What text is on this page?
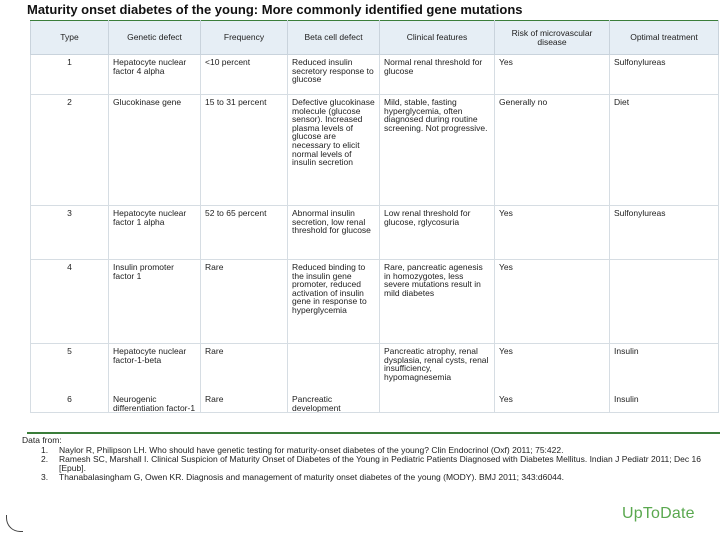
Maturity onset diabetes of the young: More commonly identified gene mutations
Type	Genetic defect	Frequency	Beta cell defect	Clinical features	Risk of microvascular disease	Optimal treatment
1	Hepatocyte nuclear factor 4 alpha	<10 percent	Reduced insulin secretory response to glucose	Normal renal threshold for glucose	Yes	Sulfonylureas
2	Glucokinase gene	15 to 31 percent	Defective glucokinase molecule (glucose sensor). Increased plasma levels of glucose are necessary to elicit normal levels of insulin secretion	Mild, stable, fasting hyperglycemia, often diagnosed during routine screening. Not progressive.	Generally no	Diet
3	Hepatocyte nuclear factor 1 alpha	52 to 65 percent	Abnormal insulin secretion, low renal threshold for glucose	Low renal threshold for glucose, rglycosuria	Yes	Sulfonylureas
4	Insulin promoter factor 1	Rare	Reduced binding to the insulin gene promoter, reduced activation of insulin gene in response to hyperglycemia	Rare, pancreatic agenesis in homozygotes, less severe mutations result in mild diabetes	Yes	
5	Hepatocyte nuclear factor-1-beta	Rare		Pancreatic atrophy, renal dysplasia, renal cysts, renal insufficiency, hypomagnesemia	Yes	Insulin
6	Neurogenic differentiation factor-1	Rare	Pancreatic development		Yes	Insulin

Data from:

1. Naylor R, Philipson LH. Who should have genetic testing for maturity-onset diabetes of the young? Clin Endocrinol (Oxf) 2011; 75:422.

2. Ramesh SC, Marshall I. Clinical Suspicion of Maturity Onset of Diabetes of the Young in Pediatric Patients Diagnosed with Diabetes Mellitus. Indian J Pediatr 2011; Dec 16 [Epub].

3. Thanabalasingham G, Owen KR. Diagnosis and management of maturity onset diabetes of the young (MODY). BMJ 2011; 343:d6044.

UpToDate
